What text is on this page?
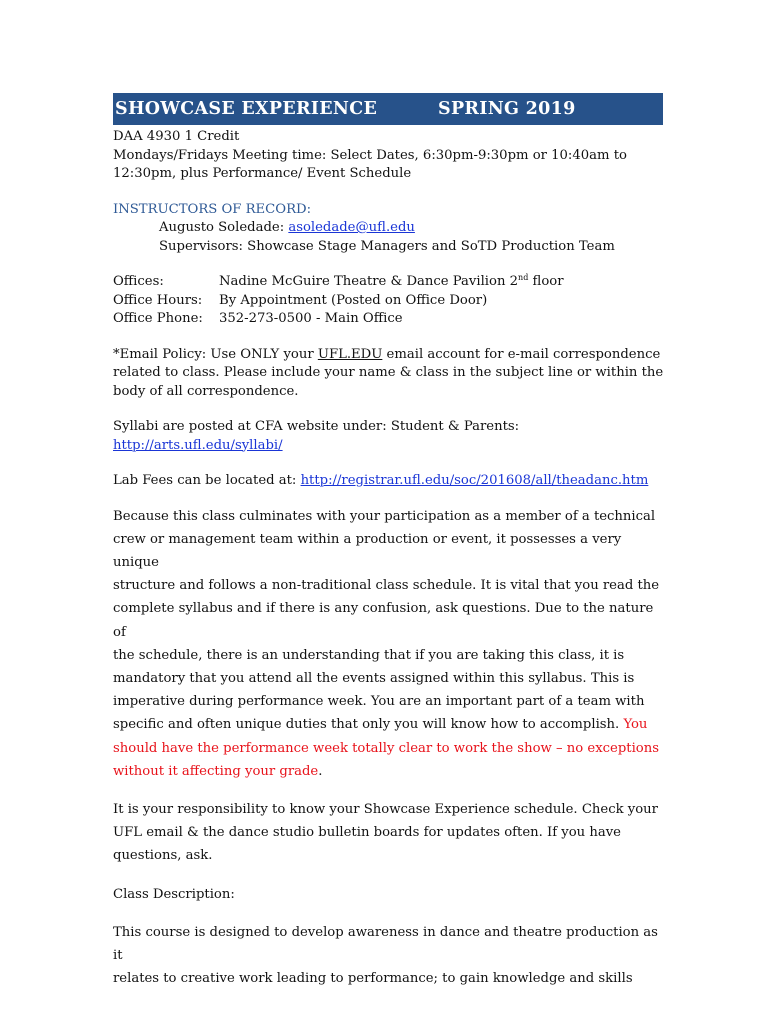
SHOWCASE EXPERIENCE	SPRING 2019
DAA 4930 1 Credit
Mondays/Fridays Meeting time: Select Dates, 6:30pm-9:30pm or 10:40am to
12:30pm, plus Performance/ Event Schedule
INSTRUCTORS OF RECORD:
Augusto Soledade: asoledade@ufl.edu
Supervisors: Showcase Stage Managers and SoTD Production Team
Offices:	Nadine McGuire Theatre & Dance Pavilion 2nd floor
Office Hours:	By Appointment (Posted on Office Door)
Office Phone:	352-273-0500 - Main Office
*Email Policy: Use ONLY your UFL.EDU email account for e-mail correspondence
related to class. Please include your name & class in the subject line or within the
body of all correspondence.
Syllabi are posted at CFA website under: Student & Parents:
http://arts.ufl.edu/syllabi/
Lab Fees can be located at: http://registrar.ufl.edu/soc/201608/all/theadanc.htm
Because this class culminates with your participation as a member of a technical
crew or management team within a production or event, it possesses a very unique
structure and follows a non-traditional class schedule. It is vital that you read the
complete syllabus and if there is any confusion, ask questions. Due to the nature of
the schedule, there is an understanding that if you are taking this class, it is
mandatory that you attend all the events assigned within this syllabus. This is
imperative during performance week. You are an important part of a team with
specific and often unique duties that only you will know how to accomplish. You
should have the performance week totally clear to work the show – no exceptions
without it affecting your grade.
It is your responsibility to know your Showcase Experience schedule. Check your
UFL email & the dance studio bulletin boards for updates often. If you have
questions, ask.
Class Description:
This course is designed to develop awareness in dance and theatre production as it
relates to creative work leading to performance; to gain knowledge and skills
